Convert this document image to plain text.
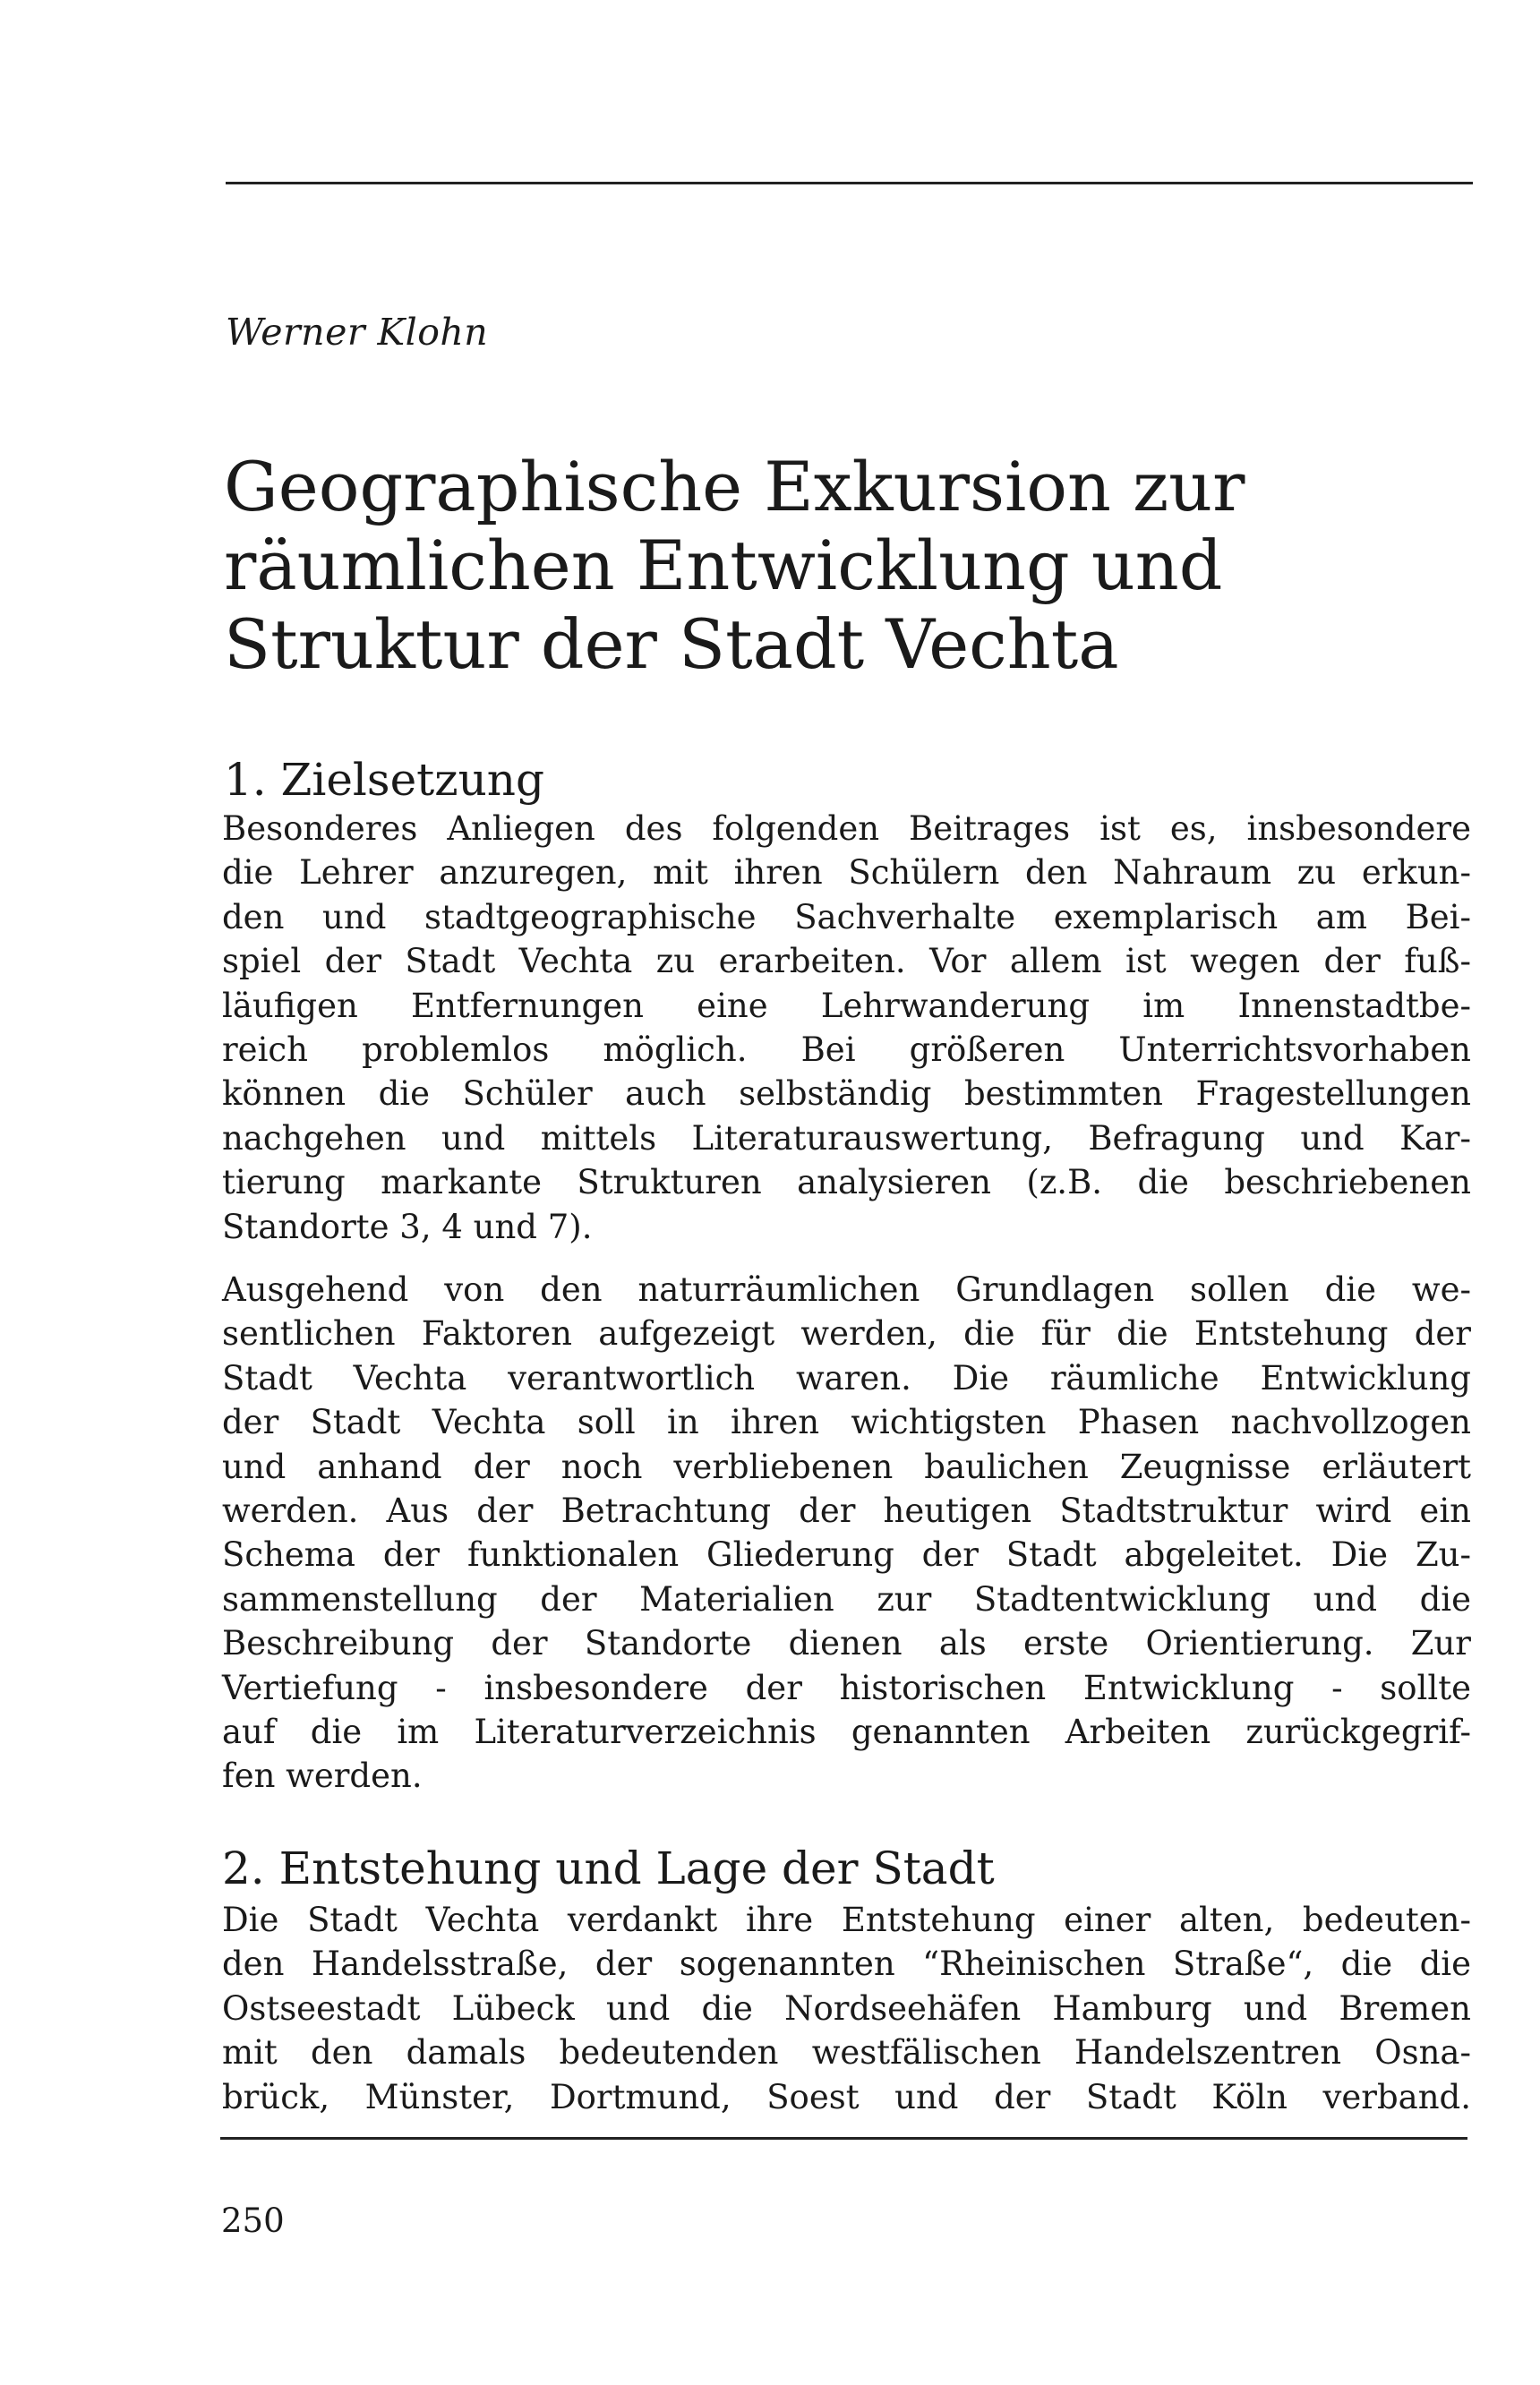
Werner Klohn
Geographische Exkursion zur
räumlichen Entwicklung und
Struktur der Stadt Vechta
1. Zielsetzung
Besonderes Anliegen des folgenden Beitrages ist es, insbesondere
die Lehrer anzuregen, mit ihren Schülern den Nahraum zu erkun-
den und stadtgeographische Sachverhalte exemplarisch am Bei-
spiel der Stadt Vechta zu erarbeiten. Vor allem ist wegen der fuß-
läufigen Entfernungen eine Lehrwanderung im Innenstadtbe-
reich problemlos möglich. Bei größeren Unterrichtsvorhaben
können die Schüler auch selbständig bestimmten Fragestellungen
nachgehen und mittels Literaturauswertung, Befragung und Kar-
tierung markante Strukturen analysieren (z.B. die beschriebenen
Standorte 3, 4 und 7).
Ausgehend von den naturräumlichen Grundlagen sollen die we-
sentlichen Faktoren aufgezeigt werden, die für die Entstehung der
Stadt Vechta verantwortlich waren. Die räumliche Entwicklung
der Stadt Vechta soll in ihren wichtigsten Phasen nachvollzogen
und anhand der noch verbliebenen baulichen Zeugnisse erläutert
werden. Aus der Betrachtung der heutigen Stadtstruktur wird ein
Schema der funktionalen Gliederung der Stadt abgeleitet. Die Zu-
sammenstellung der Materialien zur Stadtentwicklung und die
Beschreibung der Standorte dienen als erste Orientierung. Zur
Vertiefung - insbesondere der historischen Entwicklung - sollte
auf die im Literaturverzeichnis genannten Arbeiten zurückgegrif-
fen werden.
2. Entstehung und Lage der Stadt
Die Stadt Vechta verdankt ihre Entstehung einer alten, bedeuten-
den Handelsstraße, der sogenannten “Rheinischen Straße“, die die
Ostseestadt Lübeck und die Nordseehäfen Hamburg und Bremen
mit den damals bedeutenden westfälischen Handelszentren Osna-
brück, Münster, Dortmund, Soest und der Stadt Köln verband.
250
